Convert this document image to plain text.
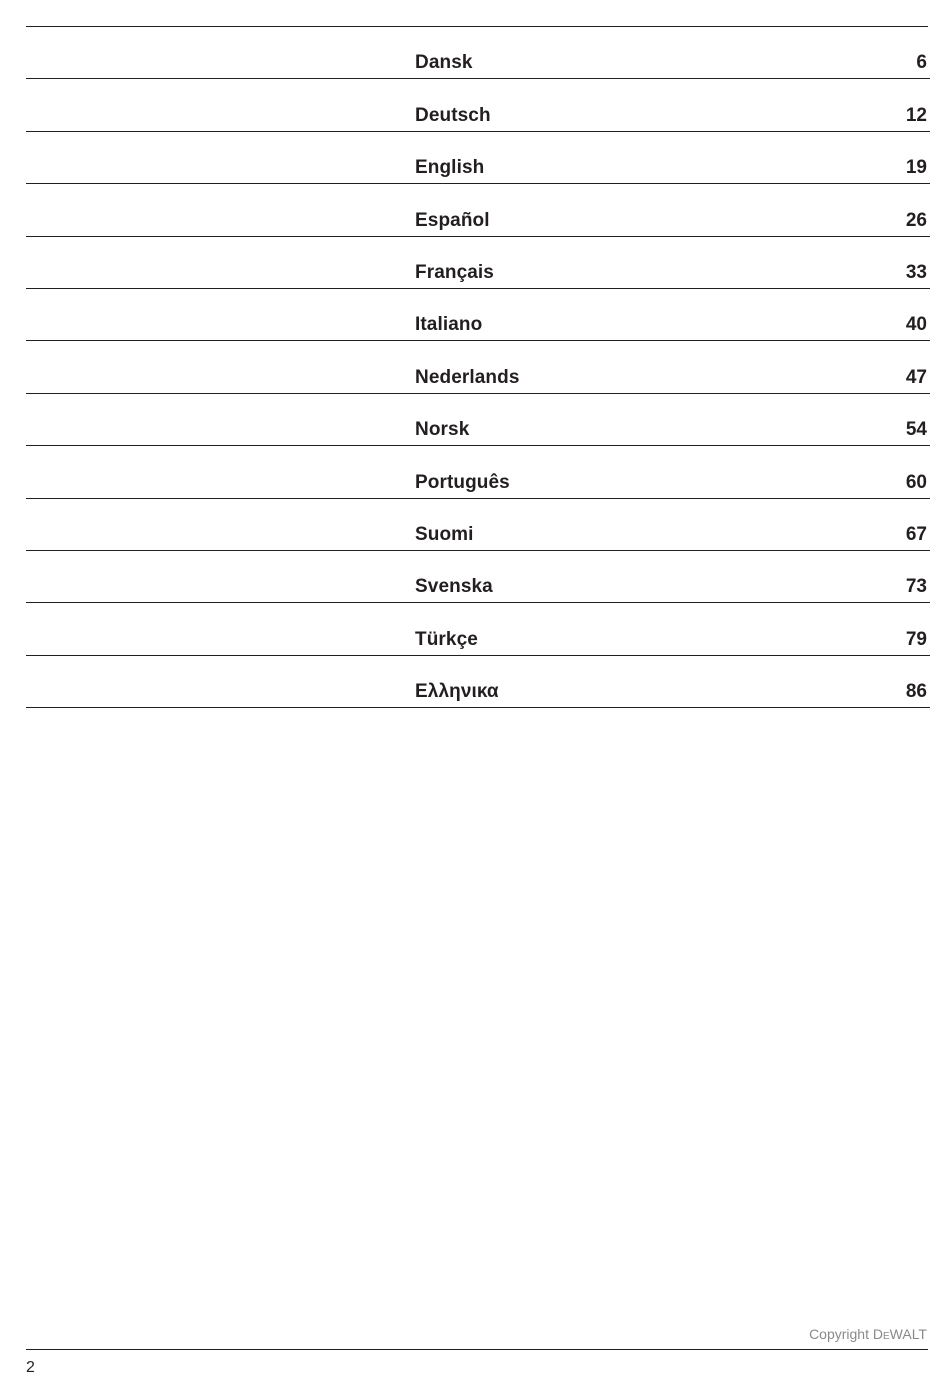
Dansk	6
Deutsch	12
English	19
Español	26
Français	33
Italiano	40
Nederlands	47
Norsk	54
Português	60
Suomi	67
Svenska	73
Türkçe	79
Ελληνικα	86
Copyright DEWALT
2
